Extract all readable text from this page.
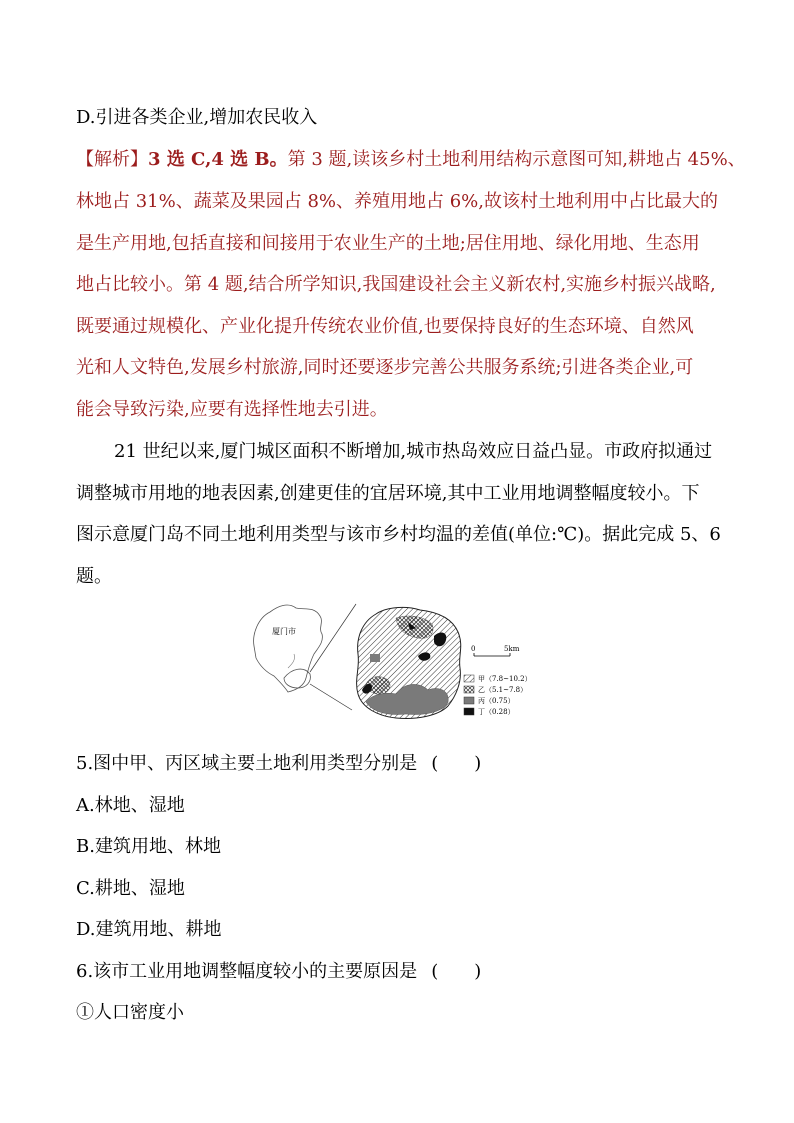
D.引进各类企业,增加农民收入
【解析】3 选 C,4 选 B。第 3 题,读该乡村土地利用结构示意图可知,耕地占 45%、
林地占 31%、蔬菜及果园占 8%、养殖用地占 6%,故该村土地利用中占比最大的
是生产用地,包括直接和间接用于农业生产的土地;居住用地、绿化用地、生态用
地占比较小。第 4 题,结合所学知识,我国建设社会主义新农村,实施乡村振兴战略,
既要通过规模化、产业化提升传统农业价值,也要保持良好的生态环境、自然风
光和人文特色,发展乡村旅游,同时还要逐步完善公共服务系统;引进各类企业,可
能会导致污染,应要有选择性地去引进。
21 世纪以来,厦门城区面积不断增加,城市热岛效应日益凸显。市政府拟通过
调整城市用地的地表因素,创建更佳的宜居环境,其中工业用地调整幅度较小。下
图示意厦门岛不同土地利用类型与该市乡村均温的差值(单位:℃)。据此完成 5、6
题。
厦门市
0	5km
甲（7.8~10.2）
乙（5.1~7.8）
丙（0.75）
丁（0.28）
5.图中甲、丙区域主要土地利用类型分别是 (　　)
A.林地、湿地
B.建筑用地、林地
C.耕地、湿地
D.建筑用地、耕地
6.该市工业用地调整幅度较小的主要原因是 (　　)
①人口密度小
